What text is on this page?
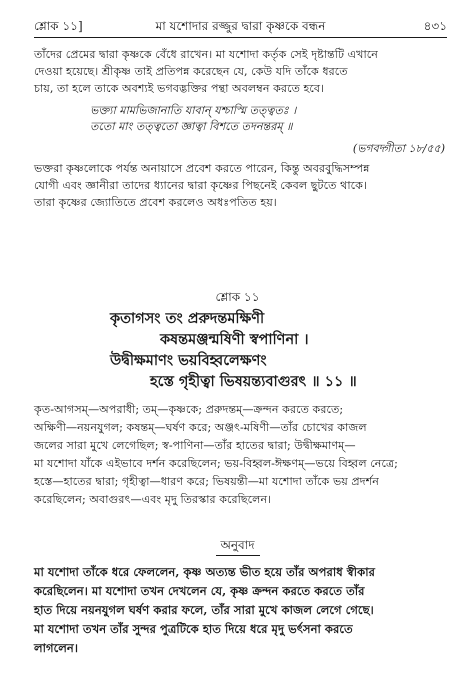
শ্লোক ১১]	মা যশোদার রজ্জুর দ্বারা কৃষ্ণকে বন্ধন	৪৩১
তাঁদের প্রেমের দ্বারা কৃষ্ণকে বেঁধে রাখেন। মা যশোদা কর্তৃক সেই দৃষ্টান্তটি এখানে
দেওয়া হয়েছে। শ্রীকৃষ্ণ তাই প্রতিপন্ন করেছেন যে, কেউ যদি তাঁকে ধরতে
চায়, তা হলে তাকে অবশ্যই ভগবদ্ভক্তির পন্থা অবলম্বন করতে হবে।
ভক্ত্যা মামভিজানাতি যাবান্ যশ্চাস্মি তত্ত্বতঃ ।
ততো মাং তত্ত্বতো জ্ঞাত্বা বিশতে তদনন্তরম্ ॥
(ভগবদ্গীতা ১৮/৫৫)
ভক্তরা কৃষ্ণলোকে পর্যন্ত অনায়াসে প্রবেশ করতে পারেন, কিন্তু অবরবুদ্ধিসম্পন্ন
যোগী এবং জ্ঞানীরা তাদের ধ্যানের দ্বারা কৃষ্ণের পিছনেই কেবল ছুটতে থাকে।
তারা কৃষ্ণের জ্যোতিতে প্রবেশ করলেও অধঃপতিত হয়।
শ্লোক ১১
কৃতাগসং তং প্ররুদন্তমক্ষিণী
কষন্তমঞ্জন্মষিণী স্বপাণিনা ।
উদ্বীক্ষমাণং ভয়বিহ্বলেক্ষণং
হস্তে গৃহীত্বা ভিষয়ন্ত্যবাগুরৎ ॥ ১১ ॥
কৃত-আগসম্—অপরাধী; তম্—কৃষ্ণকে; প্ররুদন্তম্—ক্রন্দন করতে করতে;
অক্ষিণী—নয়নযুগল; কষন্তম্—ঘর্ষণ করে; অঞ্জৎ-মষিণী—তাঁর চোখের কাজল
জলের সারা মুখে লেগেছিল; স্ব-পাণিনা—তাঁর হাতের দ্বারা; উদ্বীক্ষমাণম্—
মা যশোদা যাঁকে এইভাবে দর্শন করেছিলেন; ভয়-বিহ্বল-ঈক্ষণম্—ভয়ে বিহ্বল নেত্রে;
হস্তে—হাতের দ্বারা; গৃহীত্বা—ধারণ করে; ভিষয়ন্তী—মা যশোদা তাঁকে ভয় প্রদর্শন
করেছিলেন; অবাগুরৎ—এবং মৃদু তিরস্কার করেছিলেন।
অনুবাদ
মা যশোদা তাঁকে ধরে ফেললেন, কৃষ্ণ অত্যন্ত ভীত হয়ে তাঁর অপরাধ স্বীকার
করেছিলেন। মা যশোদা তখন দেখলেন যে, কৃষ্ণ ক্রন্দন করতে করতে তাঁর
হাত দিয়ে নয়নযুগল ঘর্ষণ করার ফলে, তাঁর সারা মুখে কাজল লেগে গেছে।
মা যশোদা তখন তাঁর সুন্দর পুত্রটিকে হাত দিয়ে ধরে মৃদু ভর্ৎসনা করতে
লাগলেন।
